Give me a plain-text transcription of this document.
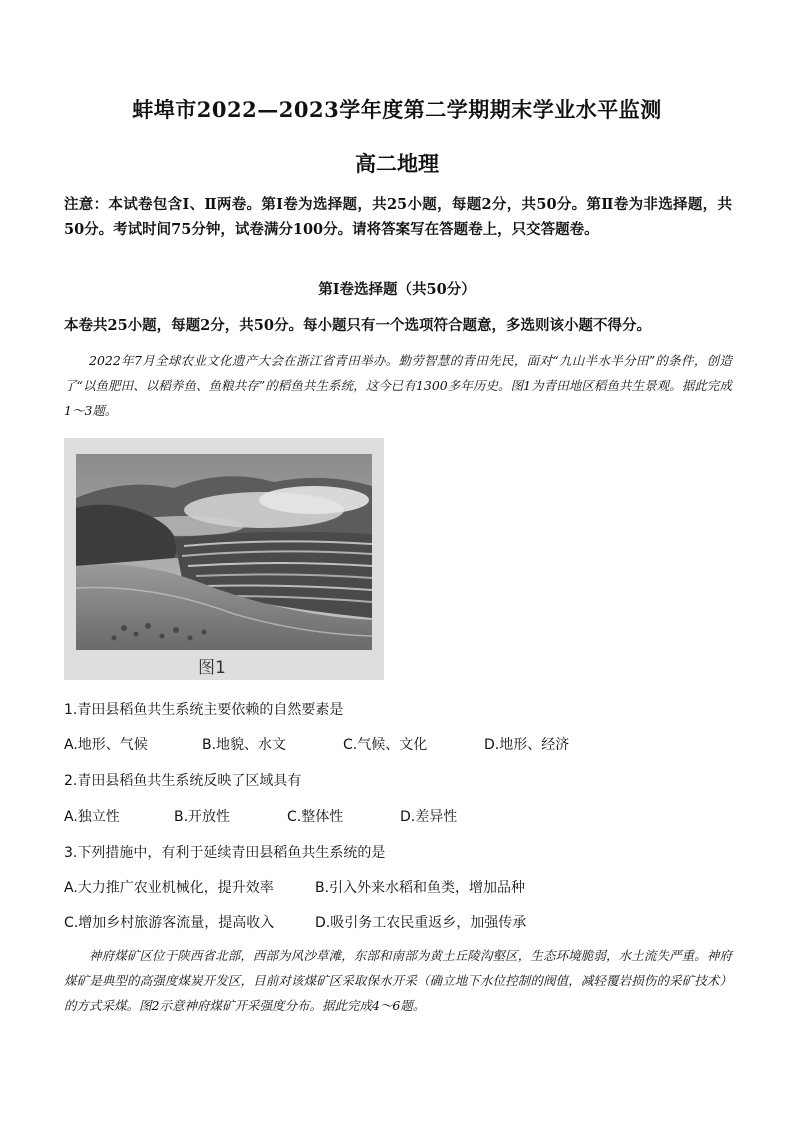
蚌埠市2022—2023学年度第二学期期末学业水平监测
高二地理
注意：本试卷包含Ⅰ、Ⅱ两卷。第Ⅰ卷为选择题，共25小题，每题2分，共50分。第Ⅱ卷为非选择题，共50分。考试时间75分钟，试卷满分100分。请将答案写在答题卷上，只交答题卷。
第Ⅰ卷选择题（共50分）
本卷共25小题，每题2分，共50分。每小题只有一个选项符合题意，多选则该小题不得分。
2022年7月全球农业文化遗产大会在浙江省青田举办。勤劳智慧的青田先民，面对“九山半水半分田”的条件，创造了“以鱼肥田、以稻养鱼、鱼粮共存”的稻鱼共生系统，这今已有1300多年历史。图1为青田地区稻鱼共生景观。据此完成1～3题。
图1
1.青田县稻鱼共生系统主要依赖的自然要素是
A.地形、气候	B.地貌、水文	C.气候、文化	D.地形、经济
2.青田县稻鱼共生系统反映了区域具有
A.独立性	B.开放性	C.整体性	D.差异性
3.下列措施中，有利于延续青田县稻鱼共生系统的是
A.大力推广农业机械化，提升效率	B.引入外来水稻和鱼类，增加品种
C.增加乡村旅游客流量，提高收入	D.吸引务工农民重返乡，加强传承
神府煤矿区位于陕西省北部，西部为风沙草滩，东部和南部为黄土丘陵沟壑区，生态环境脆弱，水土流失严重。神府煤矿是典型的高强度煤炭开发区，目前对该煤矿区采取保水开采（确立地下水位控制的阀值，减轻覆岩损伤的采矿技术）的方式采煤。图2示意神府煤矿开采强度分布。据此完成4～6题。
